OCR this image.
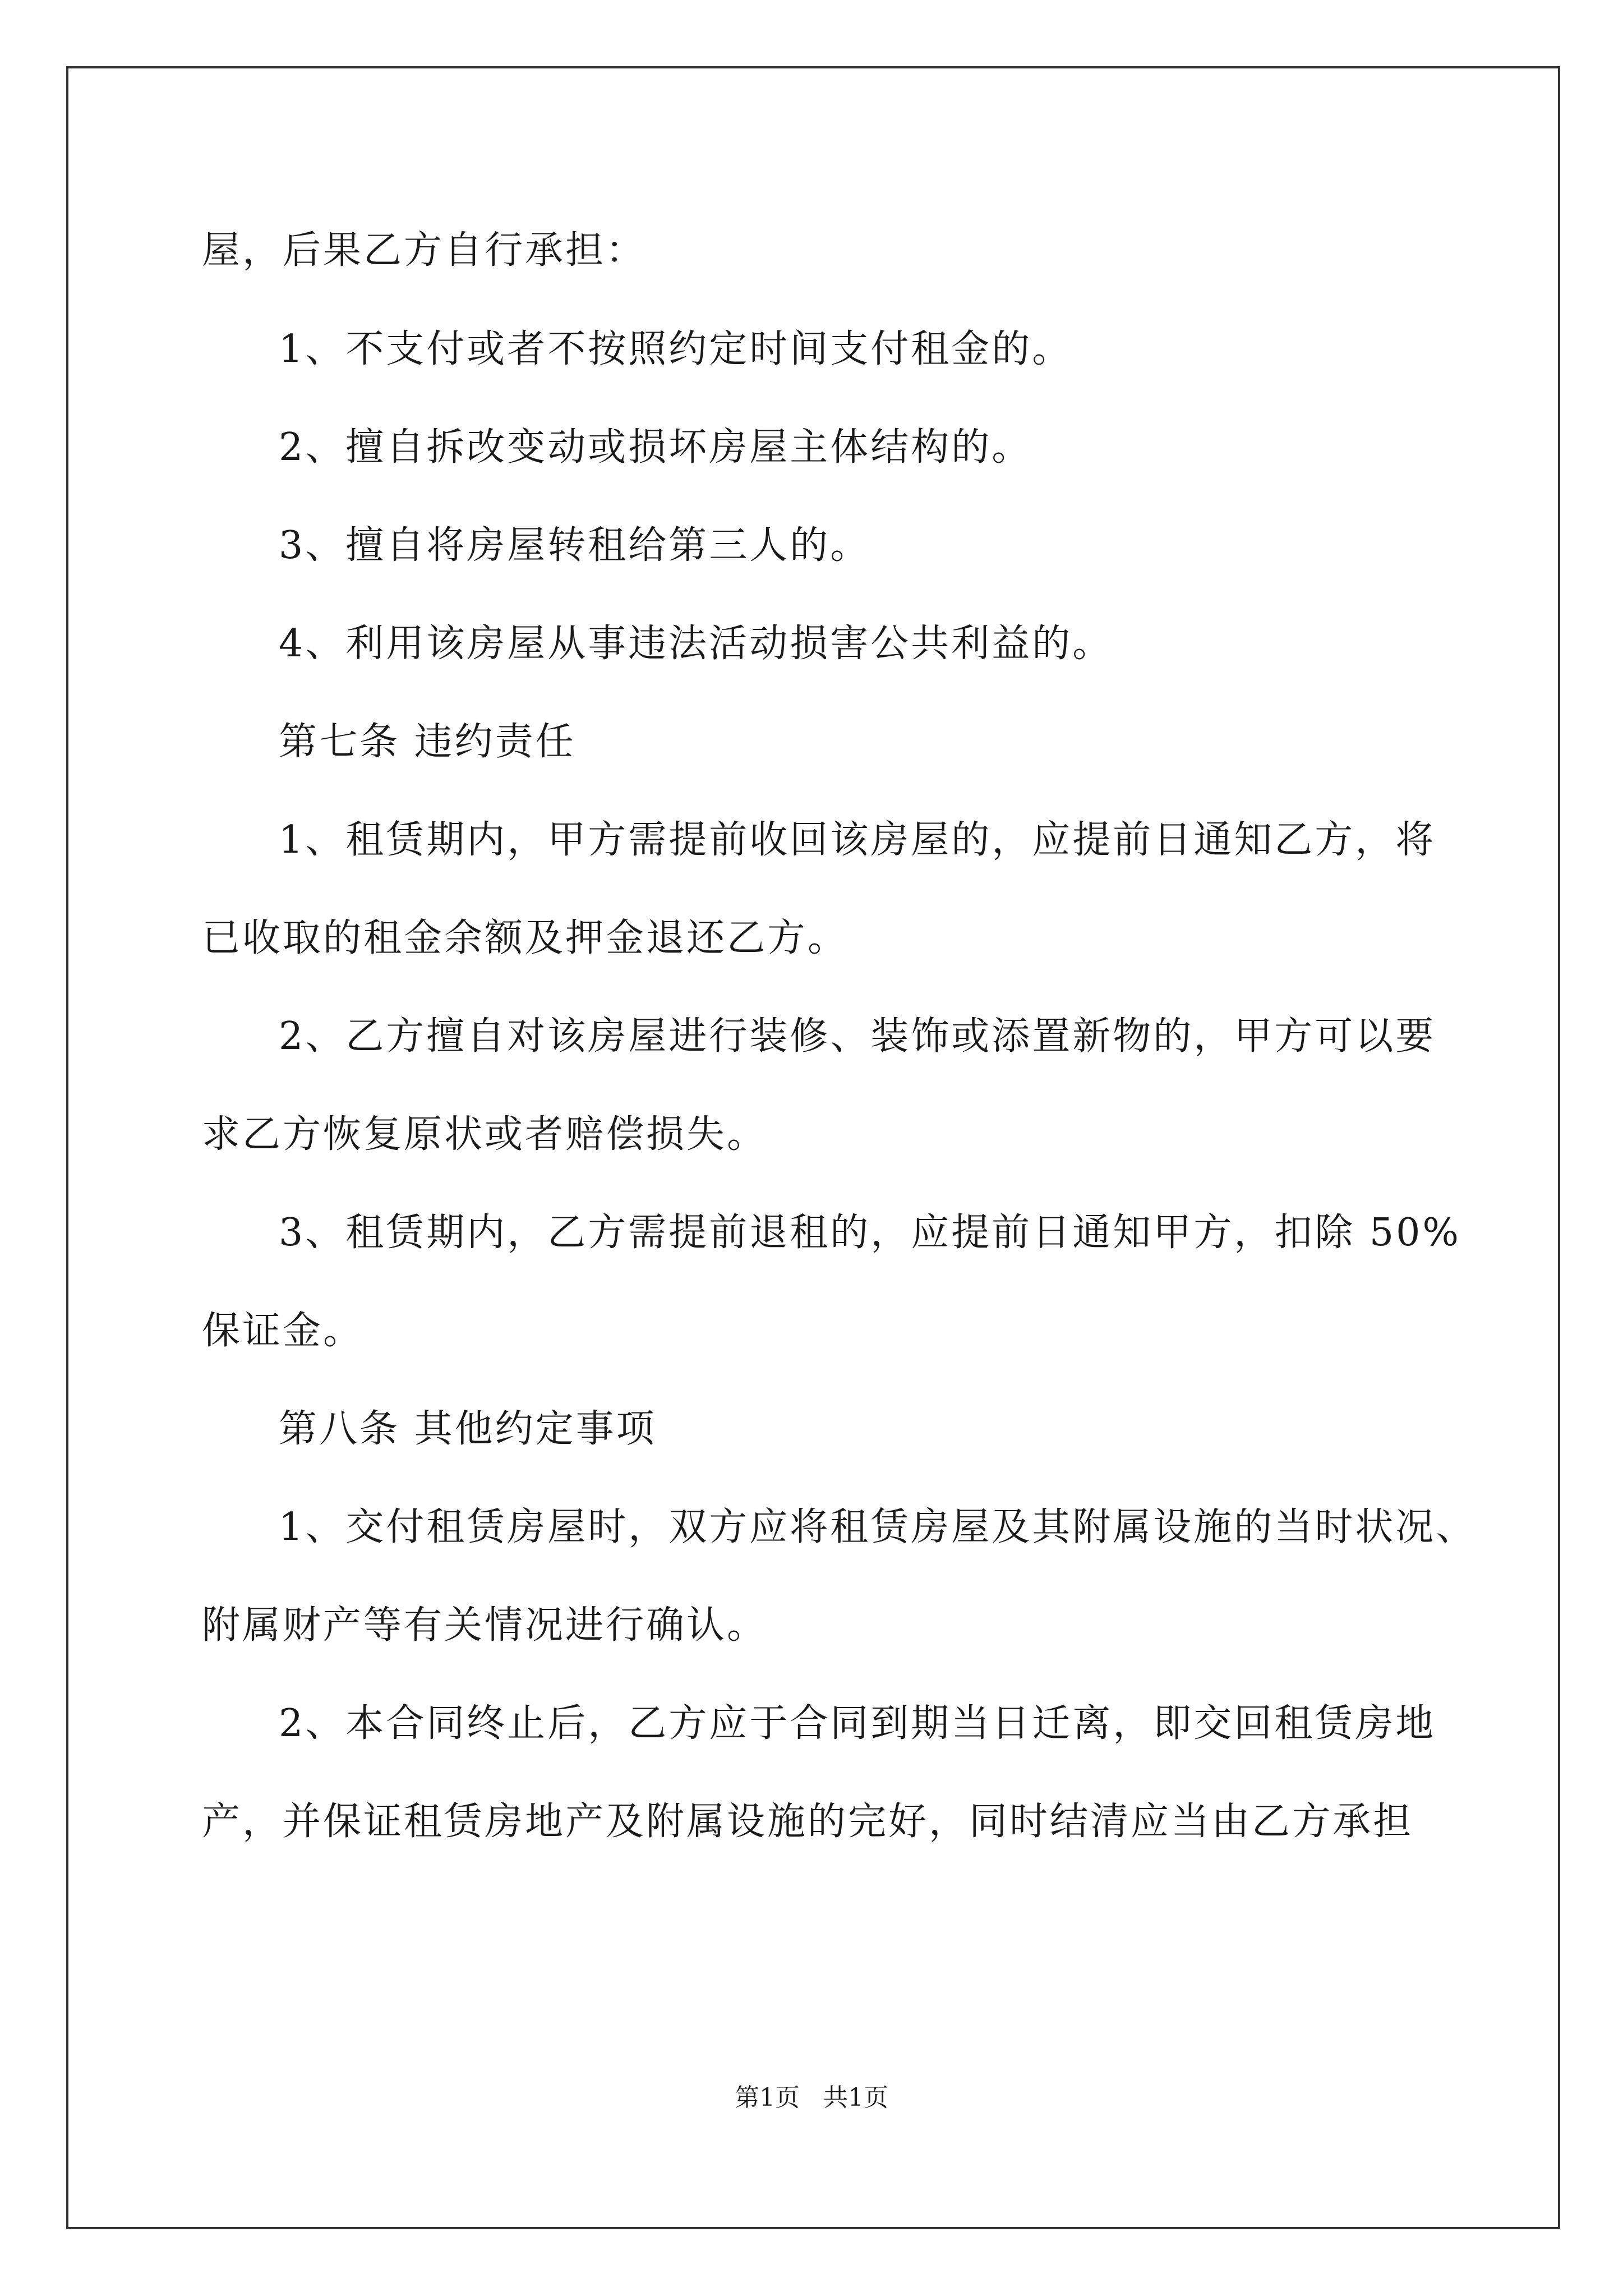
屋，后果乙方自行承担：
1、不支付或者不按照约定时间支付租金的。
2、擅自拆改变动或损坏房屋主体结构的。
3、擅自将房屋转租给第三人的。
4、利用该房屋从事违法活动损害公共利益的。
第七条 违约责任
1、租赁期内，甲方需提前收回该房屋的，应提前日通知乙方，将
已收取的租金余额及押金退还乙方。
2、乙方擅自对该房屋进行装修、装饰或添置新物的，甲方可以要
求乙方恢复原状或者赔偿损失。
3、租赁期内，乙方需提前退租的，应提前日通知甲方，扣除 50%
保证金。
第八条 其他约定事项
1、交付租赁房屋时，双方应将租赁房屋及其附属设施的当时状况、
附属财产等有关情况进行确认。
2、本合同终止后，乙方应于合同到期当日迁离，即交回租赁房地
产，并保证租赁房地产及附属设施的完好，同时结清应当由乙方承担
第1页   共1页
